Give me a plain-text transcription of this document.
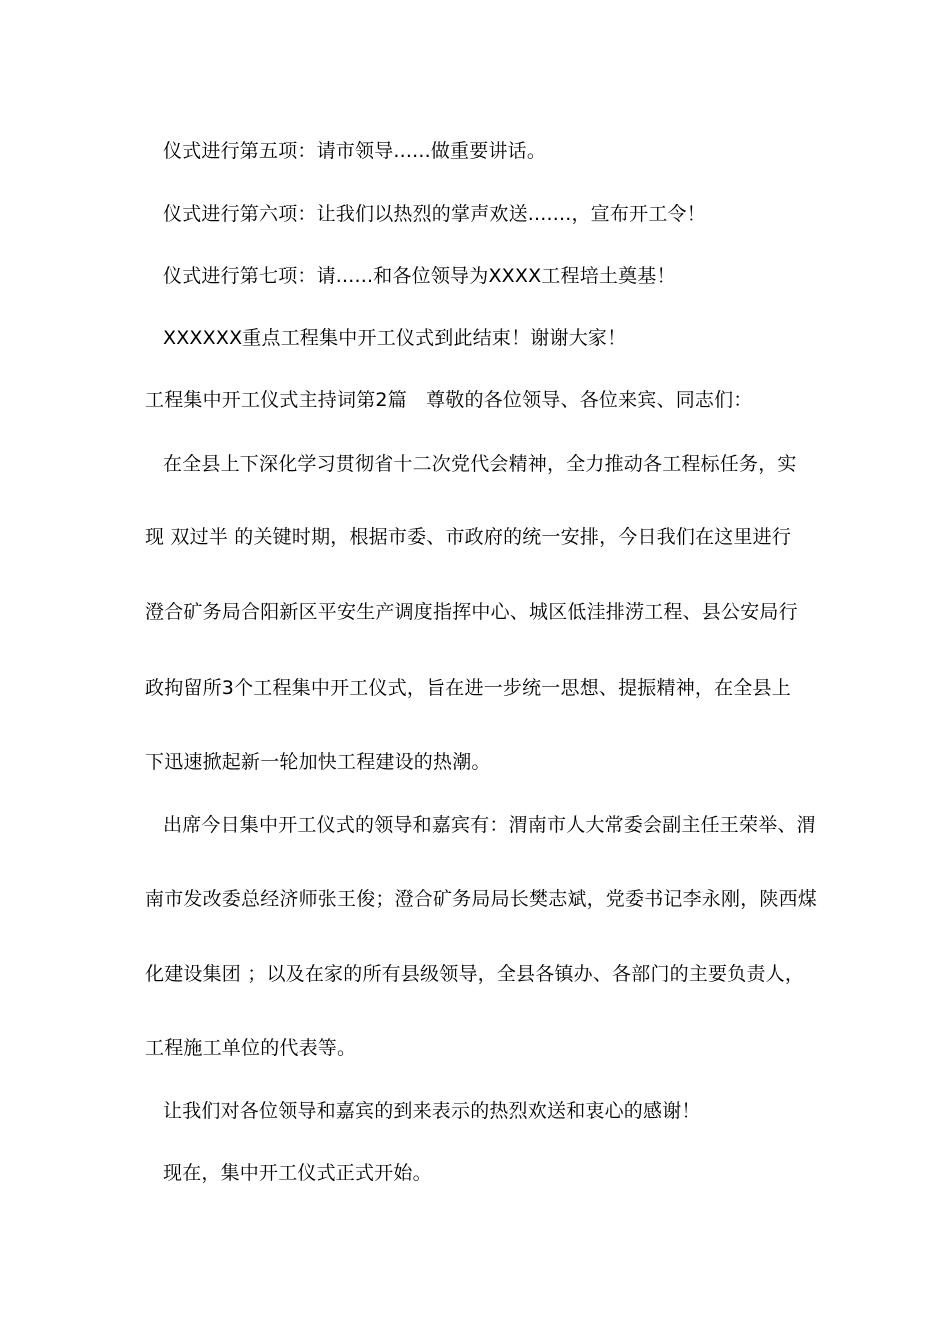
仪式进行第五项：请市领导......做重要讲话。
仪式进行第六项：让我们以热烈的掌声欢送.......，宣布开工令！
仪式进行第七项：请......和各位领导为XXXX工程培土奠基！
XXXXXX重点工程集中开工仪式到此结束！谢谢大家！
工程集中开工仪式主持词第2篇　尊敬的各位领导、各位来宾、同志们：
在全县上下深化学习贯彻省十二次党代会精神，全力推动各工程标任务，实
现 双过半 的关键时期，根据市委、市政府的统一安排，今日我们在这里进行
澄合矿务局合阳新区平安生产调度指挥中心、城区低洼排涝工程、县公安局行
政拘留所3个工程集中开工仪式，旨在进一步统一思想、提振精神，在全县上
下迅速掀起新一轮加快工程建设的热潮。
出席今日集中开工仪式的领导和嘉宾有：渭南市人大常委会副主任王荣举、渭
南市发改委总经济师张王俊；澄合矿务局局长樊志斌，党委书记李永刚，陕西煤
化建设集团 ；以及在家的所有县级领导，全县各镇办、各部门的主要负责人，
工程施工单位的代表等。
让我们对各位领导和嘉宾的到来表示的热烈欢送和衷心的感谢！
现在，集中开工仪式正式开始。
